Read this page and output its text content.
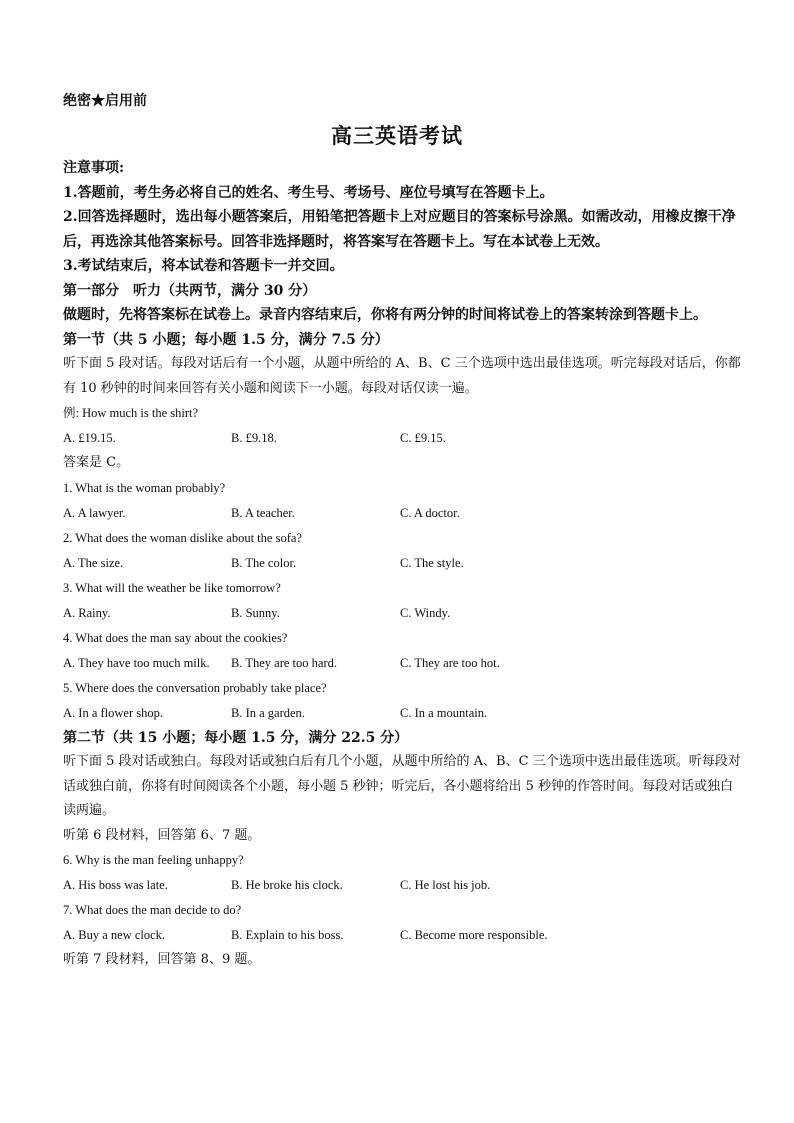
绝密★启用前
高三英语考试
注意事项:
1.答题前，考生务必将自己的姓名、考生号、考场号、座位号填写在答题卡上。
2.回答选择题时，选出每小题答案后，用铅笔把答题卡上对应题目的答案标号涂黑。如需改动，用橡皮擦干净后，再选涂其他答案标号。回答非选择题时，将答案写在答题卡上。写在本试卷上无效。
3.考试结束后，将本试卷和答题卡一并交回。
第一部分　听力（共两节，满分 30 分）
做题时，先将答案标在试卷上。录音内容结束后，你将有两分钟的时间将试卷上的答案转涂到答题卡上。
第一节（共 5 小题；每小题 1.5 分，满分 7.5 分）
听下面 5 段对话。每段对话后有一个小题，从题中所给的 A、B、C 三个选项中选出最佳选项。听完每段对话后，你都有 10 秒钟的时间来回答有关小题和阅读下一小题。每段对话仅读一遍。
例: How much is the shirt?
A. £19.15.	B. £9.18.	C. £9.15.
答案是 C。
1. What is the woman probably?
A. A lawyer.	B. A teacher.	C. A doctor.
2. What does the woman dislike about the sofa?
A. The size.	B. The color.	C. The style.
3. What will the weather be like tomorrow?
A. Rainy.	B. Sunny.	C. Windy.
4. What does the man say about the cookies?
A. They have too much milk. B. They are too hard.	C. They are too hot.
5. Where does the conversation probably take place?
A. In a flower shop.	B. In a garden.	C. In a mountain.
第二节（共 15 小题；每小题 1.5 分，满分 22.5 分）
听下面 5 段对话或独白。每段对话或独白后有几个小题，从题中所给的 A、B、C 三个选项中选出最佳选项。听每段对话或独白前，你将有时间阅读各个小题，每小题 5 秒钟；听完后，各小题将给出 5 秒钟的作答时间。每段对话或独白读两遍。
听第 6 段材料，回答第 6、7 题。
6. Why is the man feeling unhappy?
A. His boss was late.	B. He broke his clock.	C. He lost his job.
7. What does the man decide to do?
A. Buy a new clock.	B. Explain to his boss.	C. Become more responsible.
听第 7 段材料，回答第 8、9 题。
